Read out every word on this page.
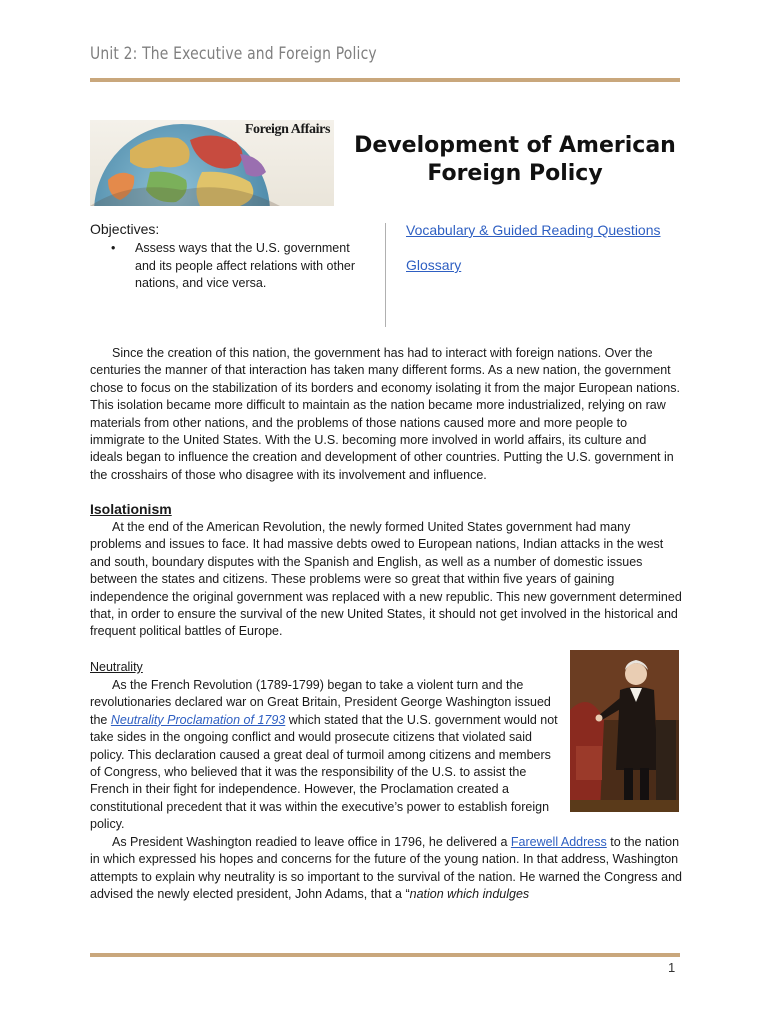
Unit 2: The Executive and Foreign Policy
Foreign Affairs
Development of American
Foreign Policy
Objectives:
• Assess ways that the U.S. government and its people affect relations with other nations, and vice versa.
Vocabulary & Guided Reading Questions
Glossary
Since the creation of this nation, the government has had to interact with foreign nations. Over the centuries the manner of that interaction has taken many different forms. As a new nation, the government chose to focus on the stabilization of its borders and economy isolating it from the major European nations. This isolation became more difficult to maintain as the nation became more industrialized, relying on raw materials from other nations, and the problems of those nations caused more and more people to immigrate to the United States. With the U.S. becoming more involved in world affairs, its culture and ideals began to influence the creation and development of other countries. Putting the U.S. government in the crosshairs of those who disagree with its involvement and influence.
Isolationism
At the end of the American Revolution, the newly formed United States government had many problems and issues to face. It had massive debts owed to European nations, Indian attacks in the west and south, boundary disputes with the Spanish and English, as well as a number of domestic issues between the states and citizens. These problems were so great that within five years of gaining independence the original government was replaced with a new republic. This new government determined that, in order to ensure the survival of the new United States, it should not get involved in the historical and frequent political battles of Europe.
Neutrality
As the French Revolution (1789-1799) began to take a violent turn and the revolutionaries declared war on Great Britain, President George Washington issued the Neutrality Proclamation of 1793 which stated that the U.S. government would not take sides in the ongoing conflict and would prosecute citizens that violated said policy. This declaration caused a great deal of turmoil among citizens and members of Congress, who believed that it was the responsibility of the U.S. to assist the French in their fight for independence. However, the Proclamation created a constitutional precedent that it was within the executive’s power to establish foreign policy.
As President Washington readied to leave office in 1796, he delivered a Farewell Address to the nation in which expressed his hopes and concerns for the future of the young nation. In that address, Washington attempts to explain why neutrality is so important to the survival of the nation. He warned the Congress and advised the newly elected president, John Adams, that a “nation which indulges
1
